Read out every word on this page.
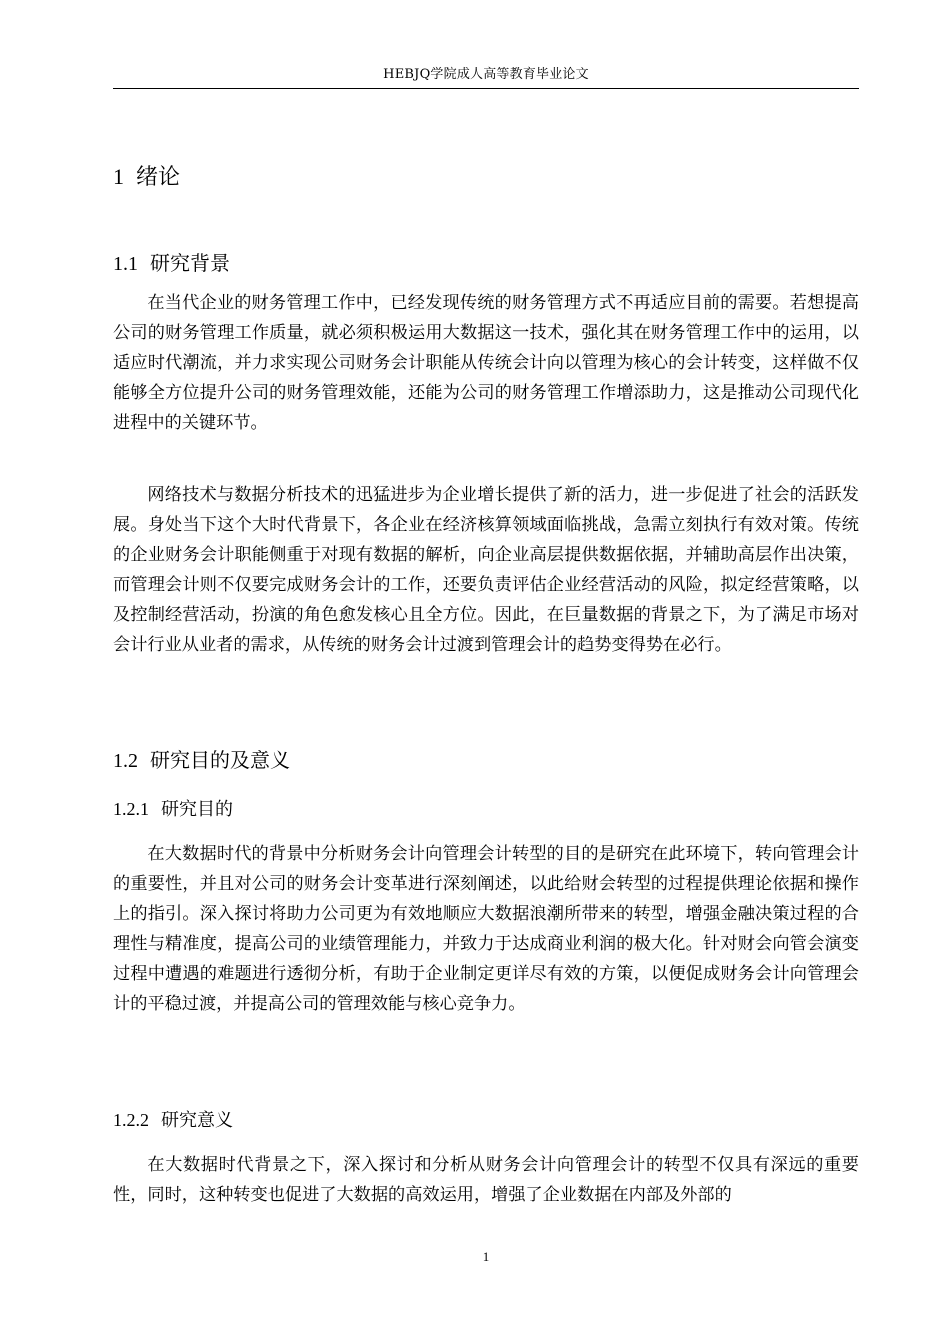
HEBJQ学院成人高等教育毕业论文
1 绪论
1.1 研究背景

在当代企业的财务管理工作中，已经发现传统的财务管理方式不再适应目前的需要。若想提高公司的财务管理工作质量，就必须积极运用大数据这一技术，强化其在财务管理工作中的运用，以适应时代潮流，并力求实现公司财务会计职能从传统会计向以管理为核心的会计转变，这样做不仅能够全方位提升公司的财务管理效能，还能为公司的财务管理工作增添助力，这是推动公司现代化进程中的关键环节。

网络技术与数据分析技术的迅猛进步为企业增长提供了新的活力，进一步促进了社会的活跃发展。身处当下这个大时代背景下，各企业在经济核算领域面临挑战，急需立刻执行有效对策。传统的企业财务会计职能侧重于对现有数据的解析，向企业高层提供数据依据，并辅助高层作出决策，而管理会计则不仅要完成财务会计的工作，还要负责评估企业经营活动的风险，拟定经营策略，以及控制经营活动，扮演的角色愈发核心且全方位。因此，在巨量数据的背景之下，为了满足市场对会计行业从业者的需求，从传统的财务会计过渡到管理会计的趋势变得势在必行。

1.2 研究目的及意义
1.2.1 研究目的

在大数据时代的背景中分析财务会计向管理会计转型的目的是研究在此环境下，转向管理会计的重要性，并且对公司的财务会计变革进行深刻阐述，以此给财会转型的过程提供理论依据和操作上的指引。深入探讨将助力公司更为有效地顺应大数据浪潮所带来的转型，增强金融决策过程的合理性与精准度，提高公司的业绩管理能力，并致力于达成商业利润的极大化。针对财会向管会演变过程中遭遇的难题进行透彻分析，有助于企业制定更详尽有效的方策，以便促成财务会计向管理会计的平稳过渡，并提高公司的管理效能与核心竞争力。

1.2.2 研究意义

在大数据时代背景之下，深入探讨和分析从财务会计向管理会计的转型不仅具有深远的重要性，同时，这种转变也促进了大数据的高效运用，增强了企业数据在内部及外部的

1
